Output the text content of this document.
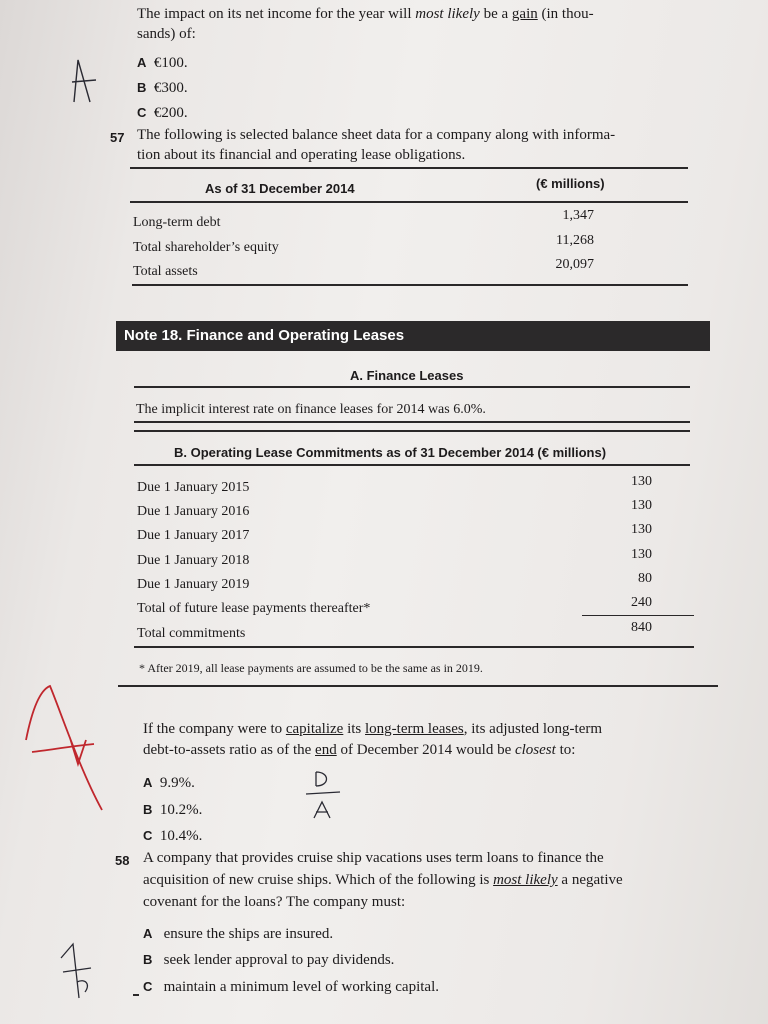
The impact on its net income for the year will most likely be a gain (in thou-
sands) of:
A €100.
B €300.
C €200.
57 The following is selected balance sheet data for a company along with informa-
tion about its financial and operating lease obligations.
As of 31 December 2014	(€ millions)
Long-term debt	1,347
Total shareholder’s equity	11,268
Total assets	20,097
Note 18. Finance and Operating Leases
A. Finance Leases
The implicit interest rate on finance leases for 2014 was 6.0%.
B. Operating Lease Commitments as of 31 December 2014 (€ millions)
Due 1 January 2015	130
Due 1 January 2016	130
Due 1 January 2017	130
Due 1 January 2018	130
Due 1 January 2019	80
Total of future lease payments thereafter*	240
Total commitments	840
* After 2019, all lease payments are assumed to be the same as in 2019.
If the company were to capitalize its long-term leases, its adjusted long-term
debt-to-assets ratio as of the end of December 2014 would be closest to:
A 9.9%.
B 10.2%.
C 10.4%.
58 A company that provides cruise ship vacations uses term loans to finance the
acquisition of new cruise ships. Which of the following is most likely a negative
covenant for the loans? The company must:
A ensure the ships are insured.
B seek lender approval to pay dividends.
C maintain a minimum level of working capital.
